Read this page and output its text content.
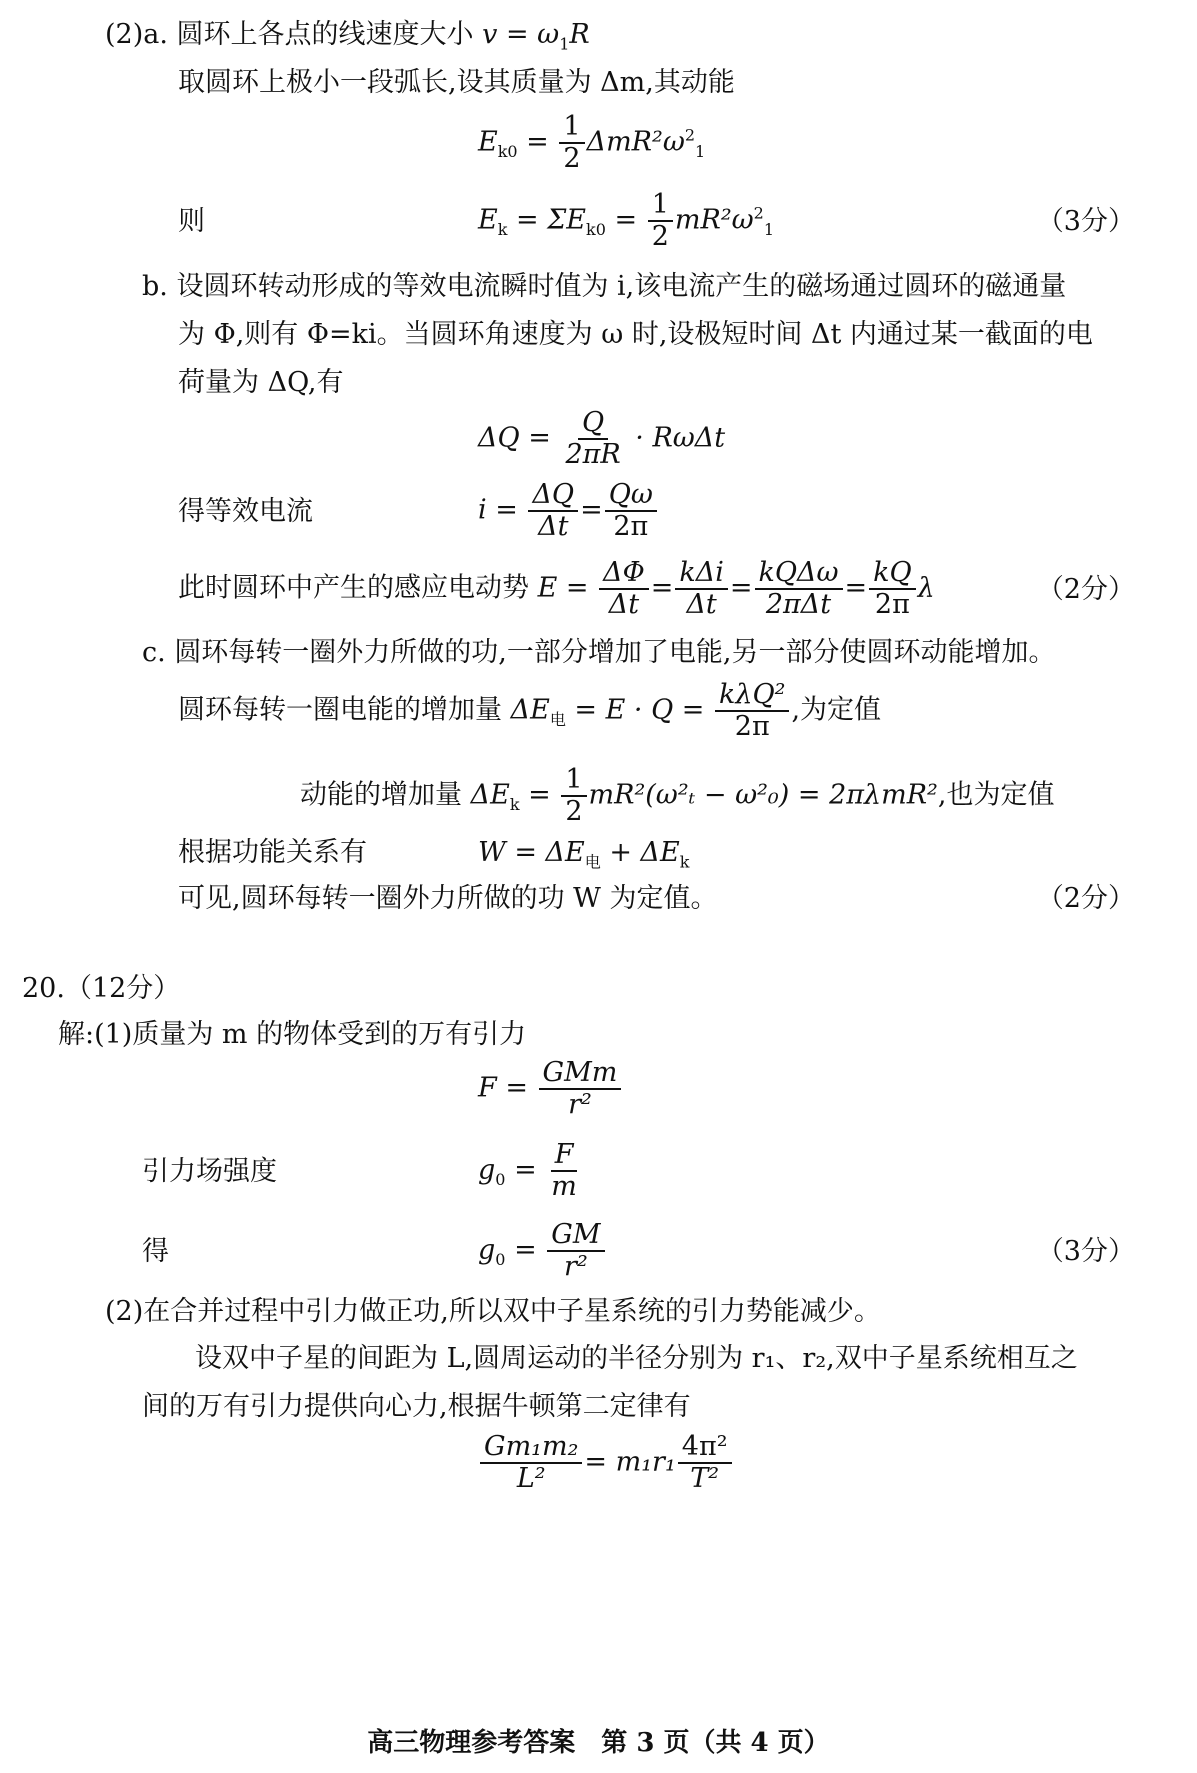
(2)a. 圆环上各点的线速度大小 $v = \omega_1R$
取圆环上极小一段弧长,设其质量为 Δm,其动能
$E_{k0} = \frac{1}{2} \Delta mR^2\omega^2_1$
则	$E_k = \Sigma E_{k0} = \frac{1}{2} mR^2\omega^2_1$	（3分）
b. 设圆环转动形成的等效电流瞬时值为 i,该电流产生的磁场通过圆环的磁通量
为 Φ,则有 Φ=ki。当圆环角速度为 ω 时,设极短时间 Δt 内通过某一截面的电
荷量为 ΔQ,有
$\Delta Q = \frac{Q}{2\pi R} \cdot R\omega\Delta t$
得等效电流	$i = \frac{\Delta Q}{\Delta t} = \frac{Q\omega}{2\pi}$
此时圆环中产生的感应电动势 $E = \frac{\Delta\Phi}{\Delta t} = \frac{\text{kΔi}}{\Delta t} = \frac{\text{kQΔω}}{\text{2πΔt}} = \frac{kQ}{2\pi}$ λ	（2分）
c. 圆环每转一圈外力所做的功,一部分增加了电能,另一部分使圆环动能增加。
圆环每转一圈电能的增加量 $\Delta E_电 = E \cdot Q = \frac{\text{kλQ²}}{2\pi}$ ,为定值
动能的增加量 $\Delta E_k = \frac{1}{2} mR^2(\omega^2_t - \omega^2_0) = 2\pi\lambda mR^2$,也为定值
根据功能关系有	$W = \Delta E_电 + \Delta E_k$
可见,圆环每转一圈外力所做的功 W 为定值。	（2分）
20.（12分）
解:(1)质量为 m 的物体受到的万有引力
$F = \frac{\text{GMm}}{\text{r²}}$
引力场强度	$g_0 = \frac{F}{m}$
得	$g_0 = \frac{GM}{\text{r²}}$	（3分）
(2)在合并过程中引力做正功,所以双中子星系统的引力势能减少。
设双中子星的间距为 L,圆周运动的半径分别为 r₁、r₂,双中子星系统相互之
间的万有引力提供向心力,根据牛顿第二定律有
$\frac{\text{Gm₁m₂}}{\text{L²}} = m_1r_1 \frac{\text{4π²}}{\text{T²}}$
高三物理参考答案　第 3 页（共 4 页）
